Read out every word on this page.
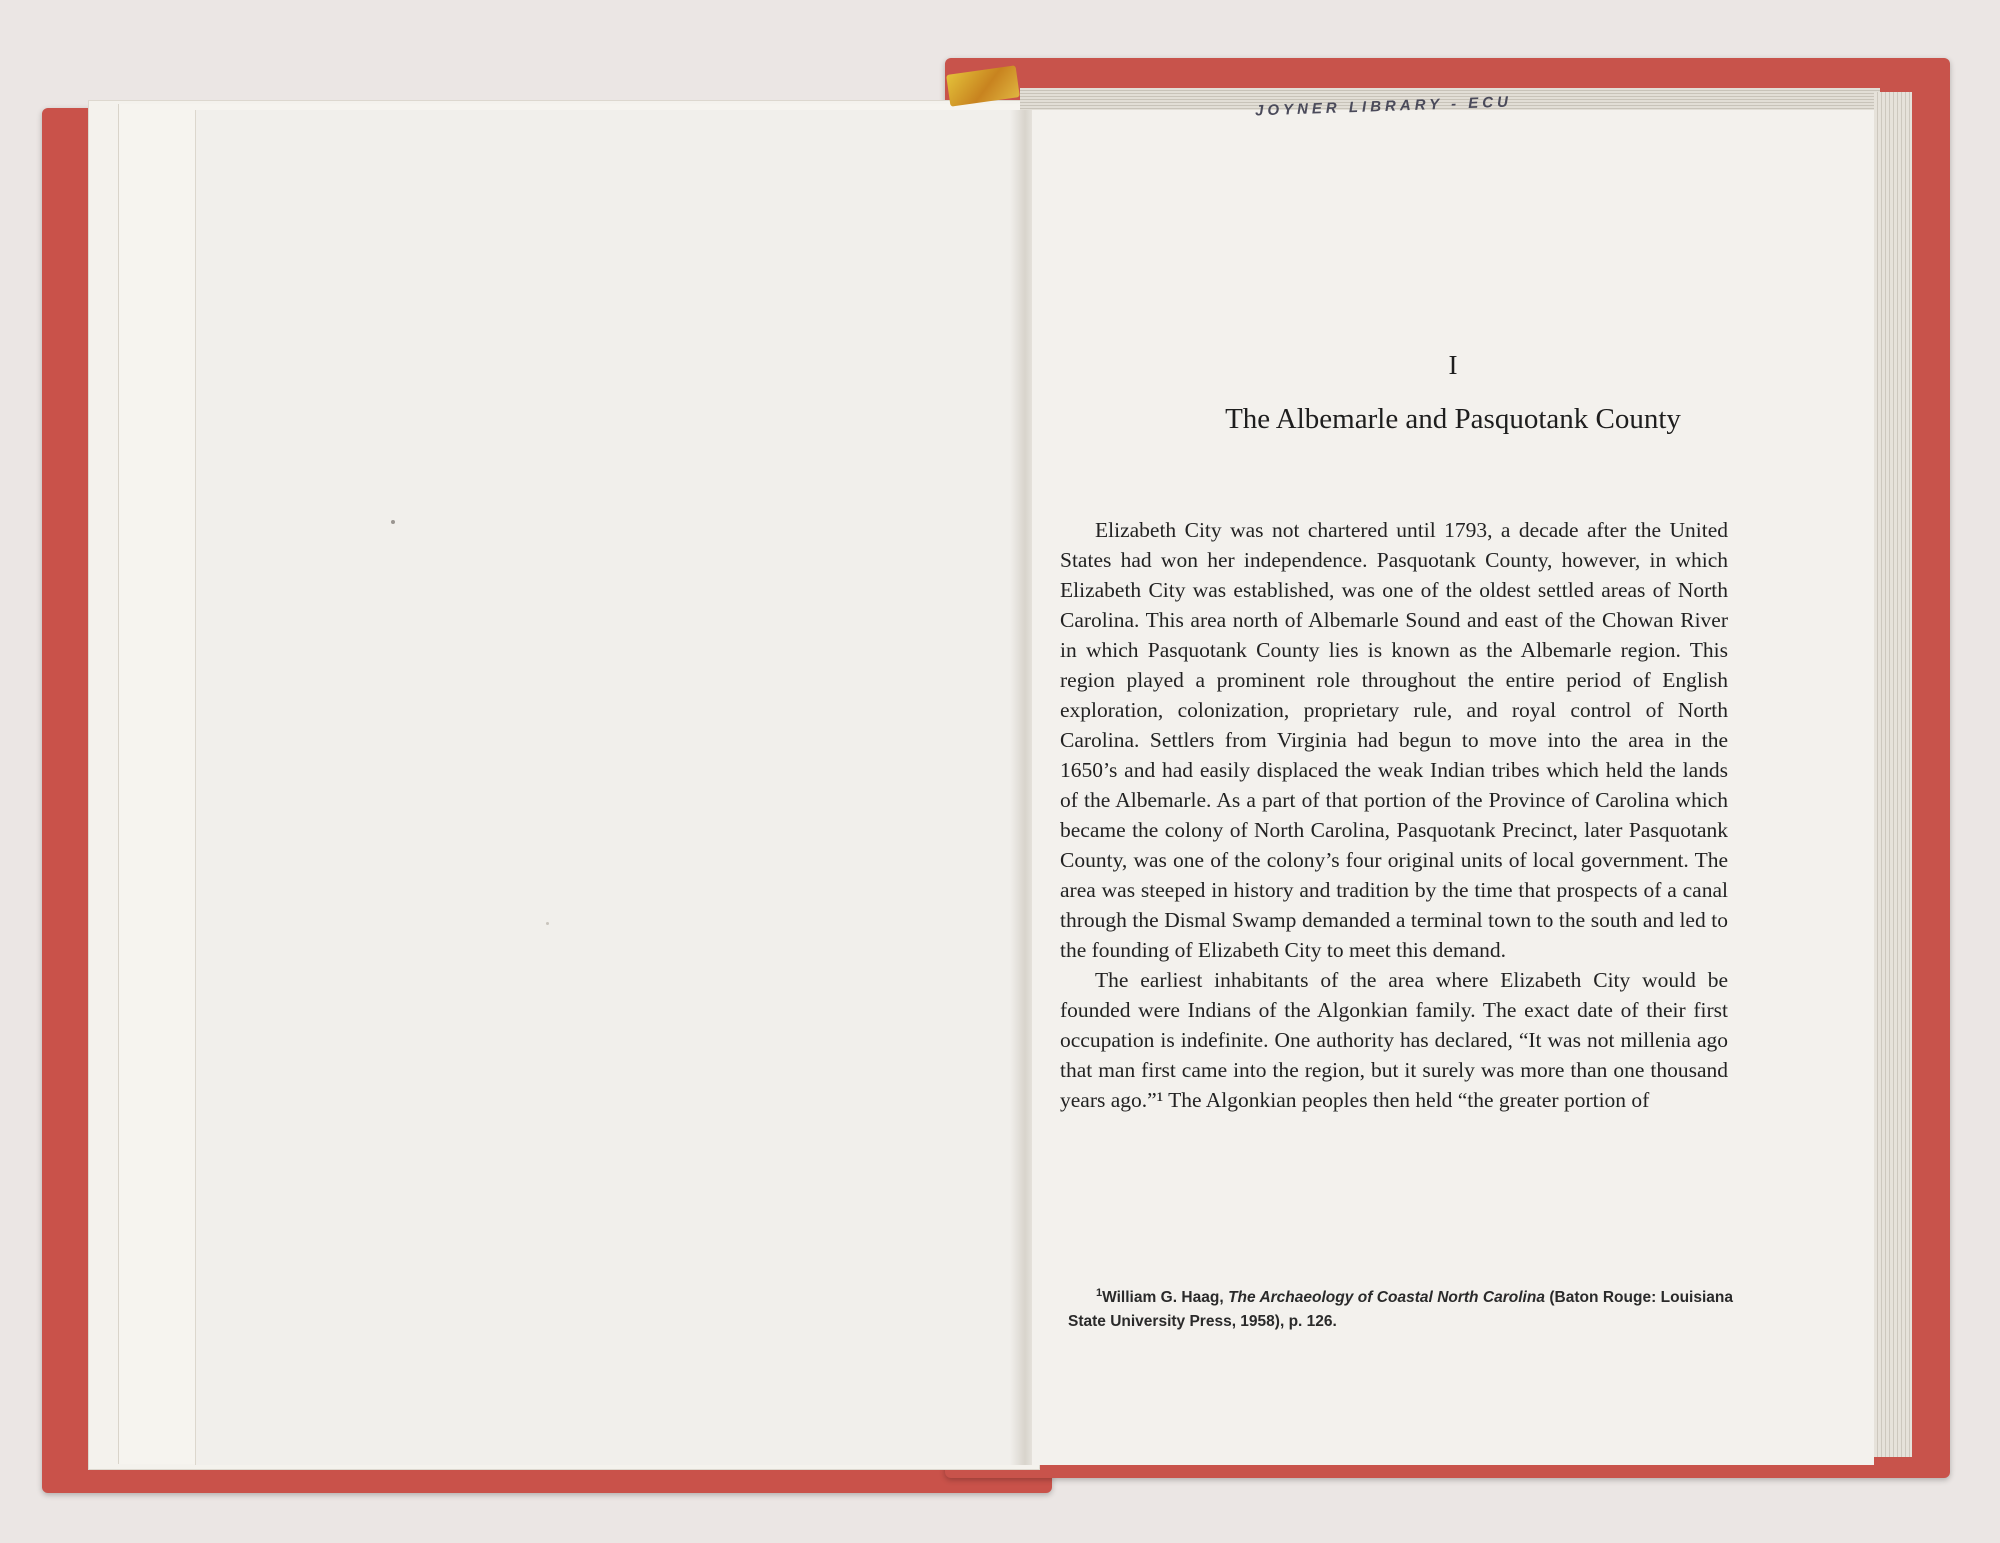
JOYNER LIBRARY - ECU
I
The Albemarle and Pasquotank County

Elizabeth City was not chartered until 1793, a decade after the United States had won her independence. Pasquotank County, however, in which Elizabeth City was established, was one of the oldest settled areas of North Carolina. This area north of Albemarle Sound and east of the Chowan River in which Pasquotank County lies is known as the Albemarle region. This region played a prominent role throughout the entire period of English exploration, colonization, proprietary rule, and royal control of North Carolina. Settlers from Virginia had begun to move into the area in the 1650’s and had easily displaced the weak Indian tribes which held the lands of the Albemarle. As a part of that portion of the Province of Carolina which became the colony of North Carolina, Pasquotank Precinct, later Pasquotank County, was one of the colony’s four original units of local government. The area was steeped in history and tradition by the time that prospects of a canal through the Dismal Swamp demanded a terminal town to the south and led to the founding of Elizabeth City to meet this demand.

The earliest inhabitants of the area where Elizabeth City would be founded were Indians of the Algonkian family. The exact date of their first occupation is indefinite. One authority has declared, “It was not millenia ago that man first came into the region, but it surely was more than one thousand years ago.”¹ The Algonkian peoples then held “the greater portion of

$^1$William G. Haag, The Archaeology of Coastal North Carolina (Baton Rouge: Louisiana State University Press, 1958), p. 126.
